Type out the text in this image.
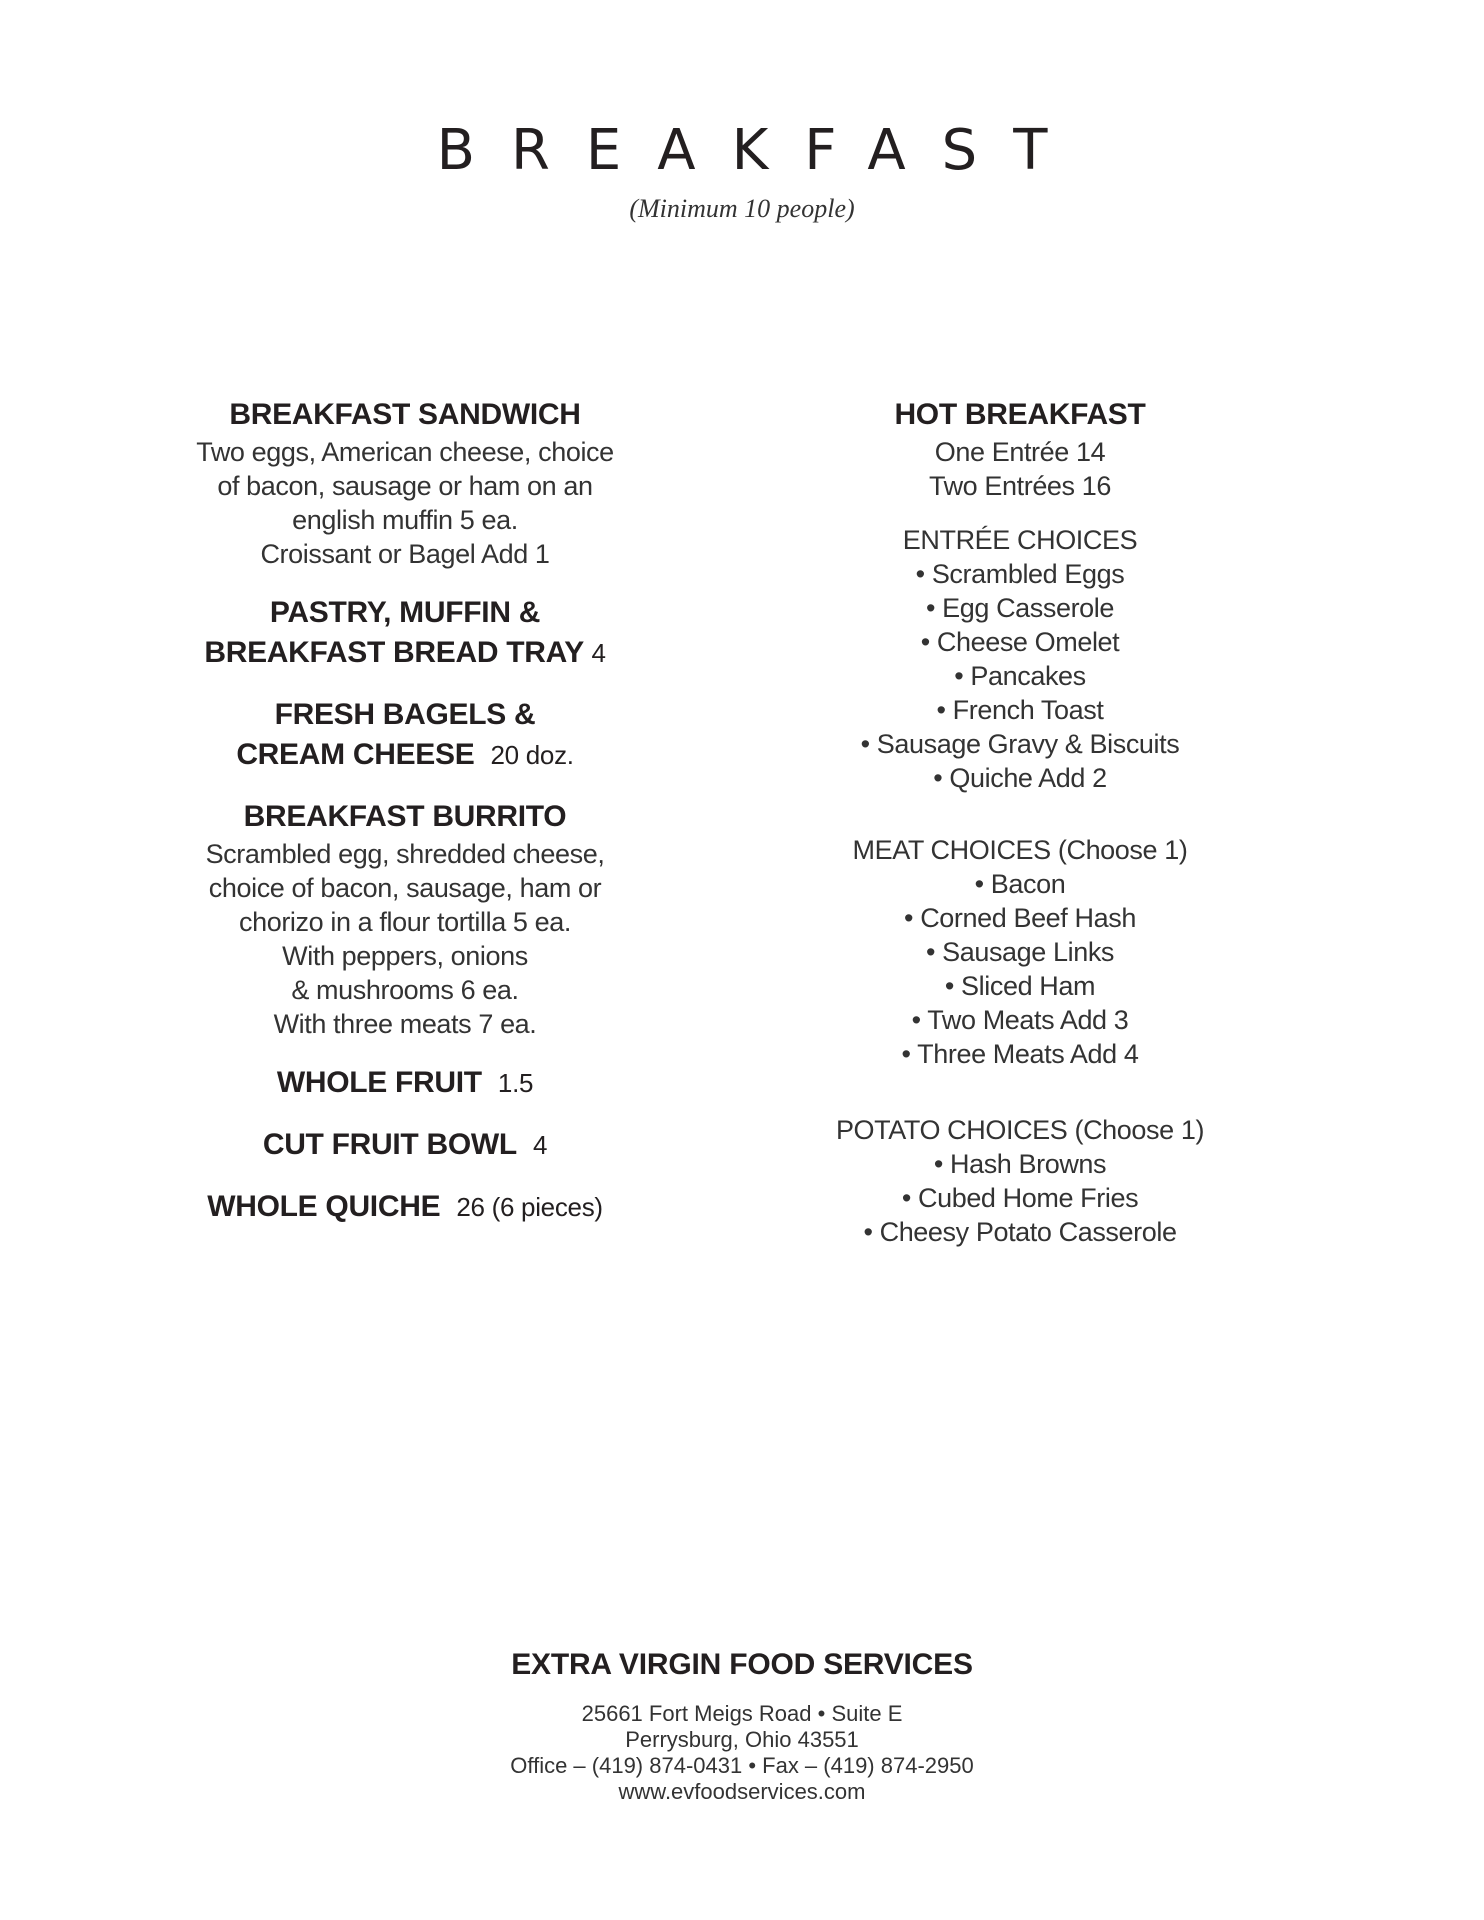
BREAKFAST
(Minimum 10 people)
BREAKFAST SANDWICH
Two eggs, American cheese, choice
of bacon, sausage or ham on an
english muffin 5 ea.
Croissant or Bagel Add 1
PASTRY, MUFFIN &
BREAKFAST BREAD TRAY 4
FRESH BAGELS &
CREAM CHEESE 20 doz.
BREAKFAST BURRITO
Scrambled egg, shredded cheese,
choice of bacon, sausage, ham or
chorizo in a flour tortilla 5 ea.
With peppers, onions
& mushrooms 6 ea.
With three meats 7 ea.
WHOLE FRUIT 1.5
CUT FRUIT BOWL 4
WHOLE QUICHE 26 (6 pieces)
HOT BREAKFAST
One Entrée 14
Two Entrées 16
ENTRÉE CHOICES
• Scrambled Eggs
• Egg Casserole
• Cheese Omelet
• Pancakes
• French Toast
• Sausage Gravy & Biscuits
• Quiche Add 2
MEAT CHOICES (Choose 1)
• Bacon
• Corned Beef Hash
• Sausage Links
• Sliced Ham
• Two Meats Add 3
• Three Meats Add 4
POTATO CHOICES (Choose 1)
• Hash Browns
• Cubed Home Fries
• Cheesy Potato Casserole
EXTRA VIRGIN FOOD SERVICES
25661 Fort Meigs Road • Suite E
Perrysburg, Ohio 43551
Office – (419) 874-0431 • Fax – (419) 874-2950
www.evfoodservices.com
